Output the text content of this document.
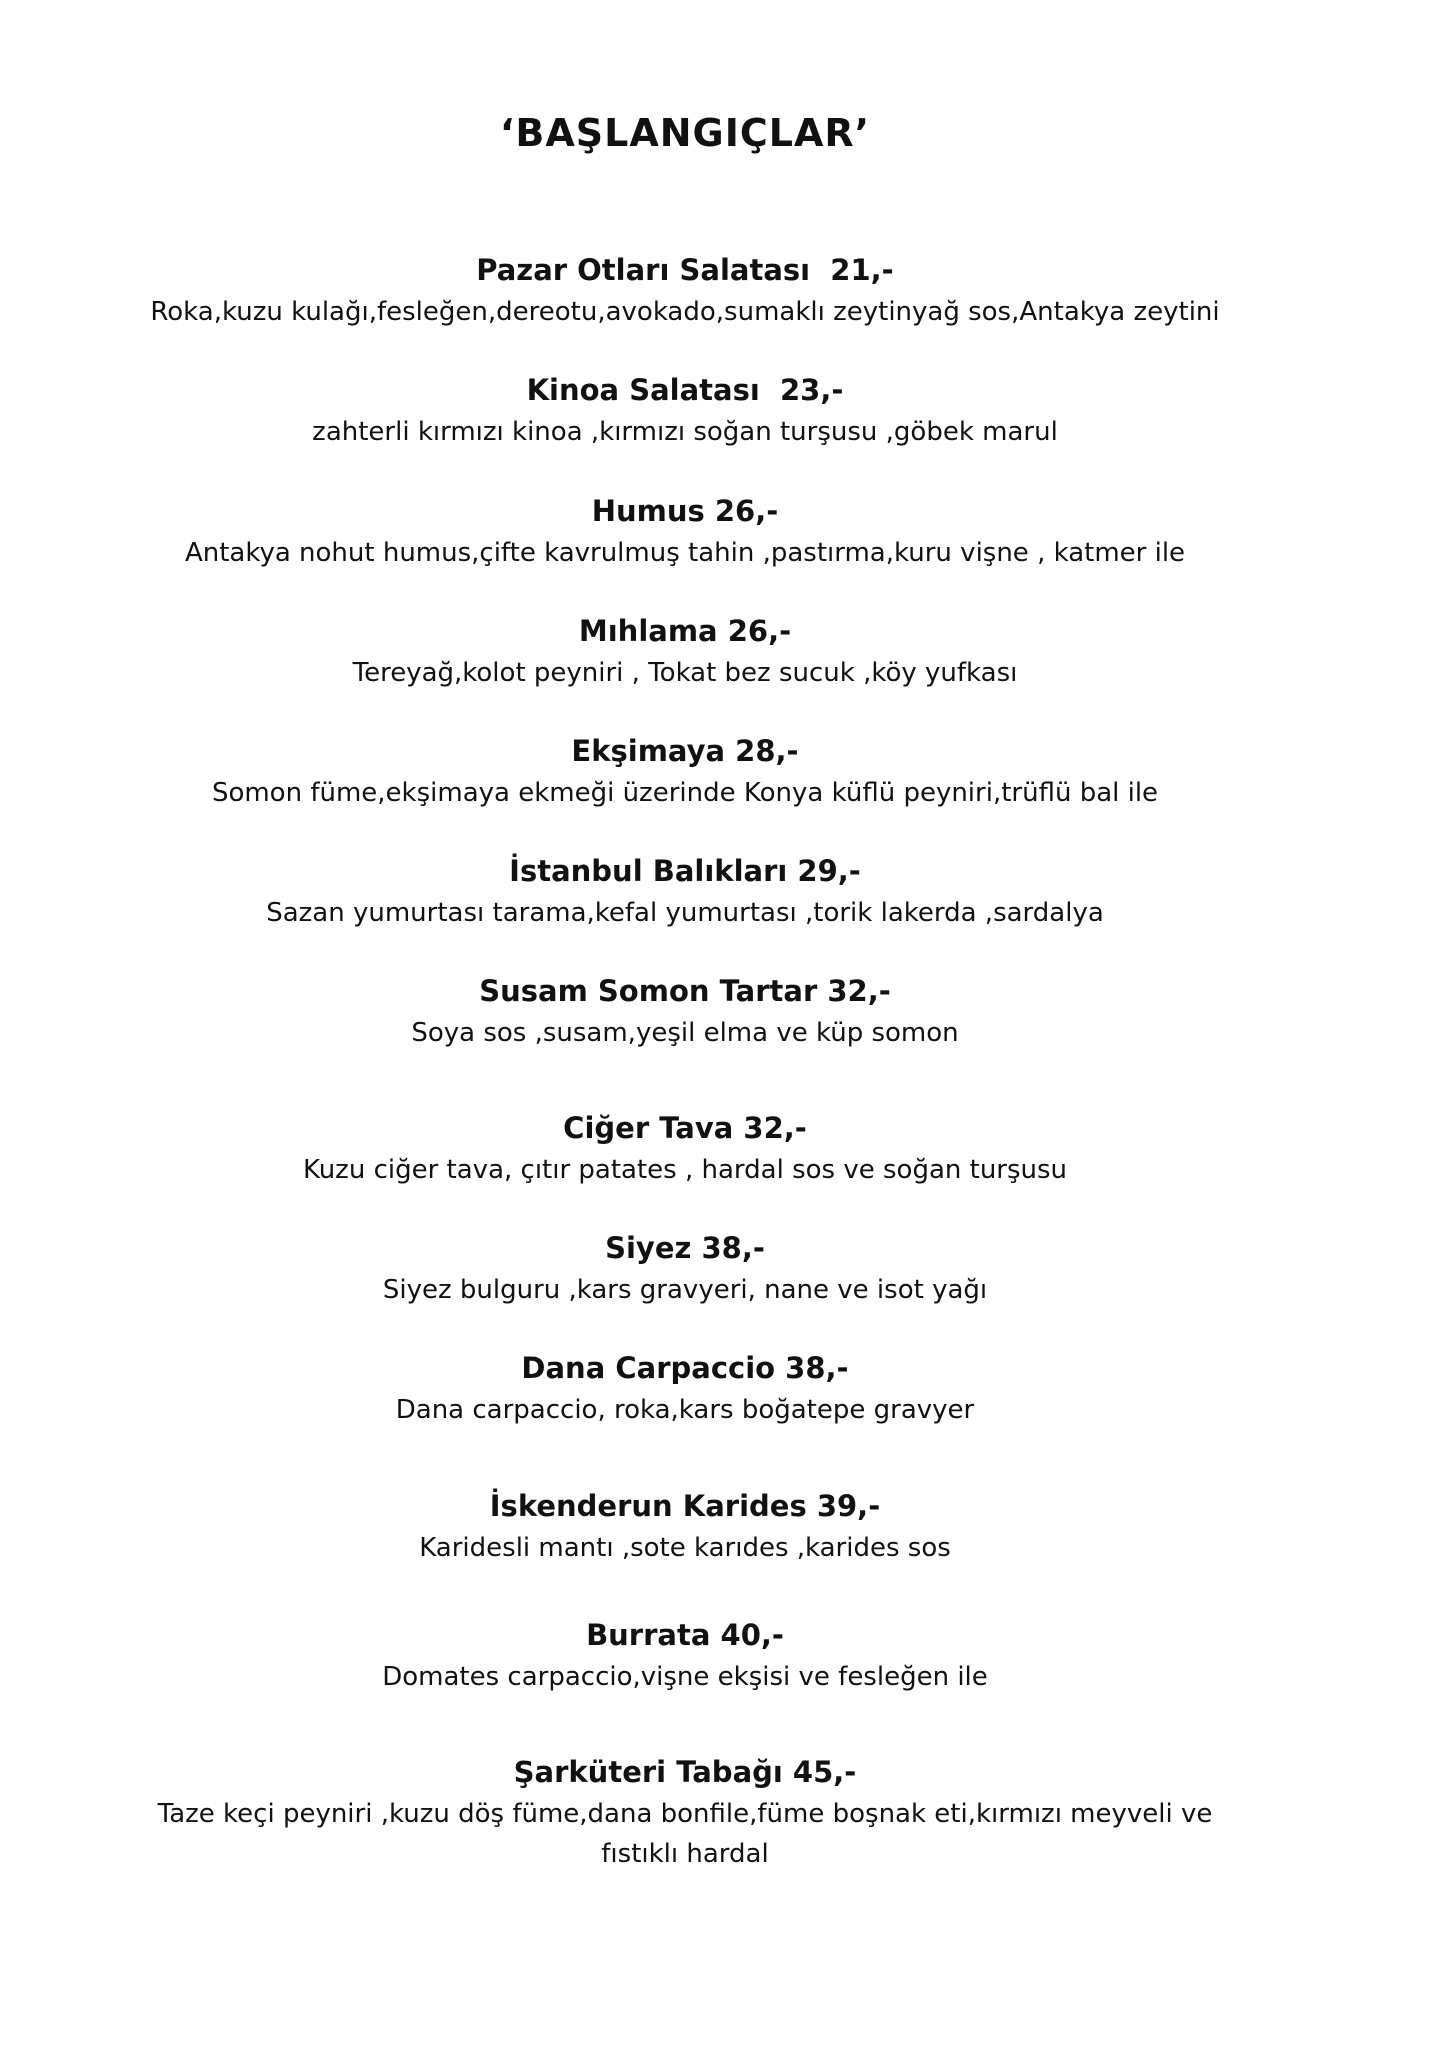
‘BAŞLANGIÇLAR’
Pazar Otları Salatası  21,-
Roka,kuzu kulağı,fesleğen,dereotu,avokado,sumaklı zeytinyağ sos,Antakya zeytini
Kinoa Salatası  23,-
zahterli kırmızı kinoa ,kırmızı soğan turşusu ,göbek marul
Humus 26,-
Antakya nohut humus,çifte kavrulmuş tahin ,pastırma,kuru vişne , katmer ile
Mıhlama 26,-
Tereyağ,kolot peyniri , Tokat bez sucuk ,köy yufkası
Ekşimaya 28,-
Somon füme,ekşimaya ekmeği üzerinde Konya küflü peyniri,trüflü bal ile
İstanbul Balıkları 29,-
Sazan yumurtası tarama,kefal yumurtası ,torik lakerda ,sardalya
Susam Somon Tartar 32,-
Soya sos ,susam,yeşil elma ve küp somon
Ciğer Tava 32,-
Kuzu ciğer tava, çıtır patates , hardal sos ve soğan turşusu
Siyez 38,-
Siyez bulguru ,kars gravyeri, nane ve isot yağı
Dana Carpaccio 38,-
Dana carpaccio, roka,kars boğatepe gravyer
İskenderun Karides 39,-
Karidesli mantı ,sote karıdes ,karides sos
Burrata 40,-
Domates carpaccio,vişne ekşisi ve fesleğen ile
Şarküteri Tabağı 45,-
Taze keçi peyniri ,kuzu döş füme,dana bonfile,füme boşnak eti,kırmızı meyveli ve fıstıklı hardal
